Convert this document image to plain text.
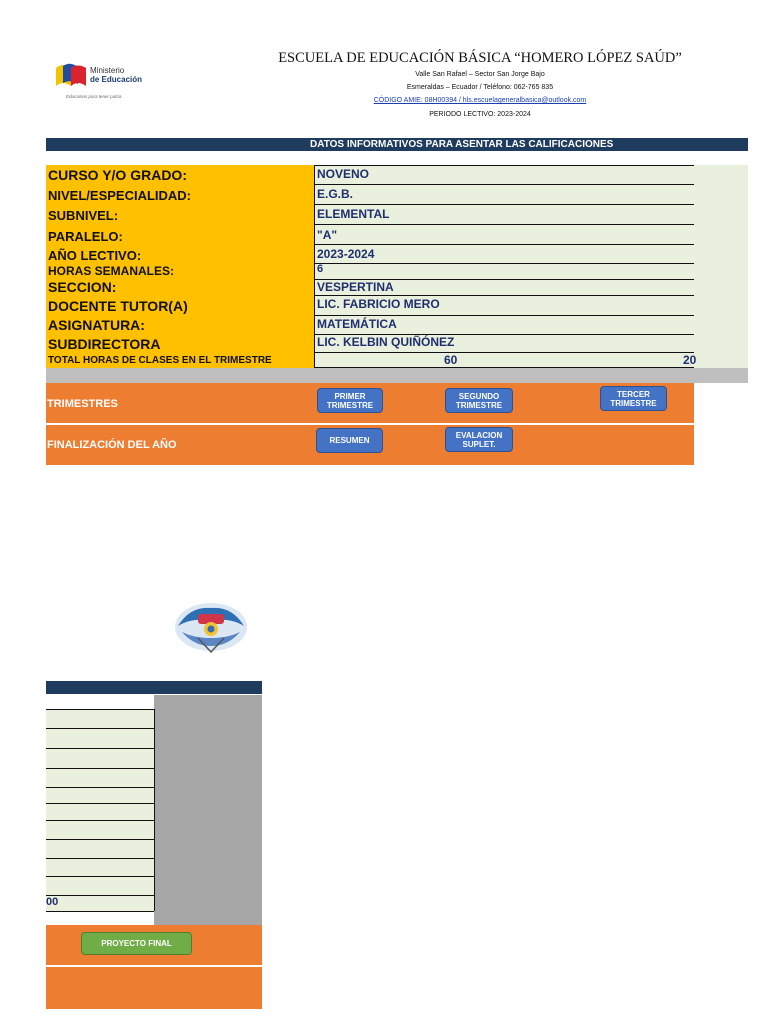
Ministerio
de Educación
Educamos para tener patria
ESCUELA DE EDUCACIÓN BÁSICA “HOMERO LÓPEZ SAÚD”
Valle San Rafael – Sector San Jorge Bajo
Esmeraldas – Ecuador / Teléfono: 062-765 835
CÓDIGO AMIE: 08H00394 / hls.escuelageneralbasica@outlook.com
PERIODO LECTIVO: 2023-2024
DATOS INFORMATIVOS PARA ASENTAR LAS CALIFICACIONES
CURSO Y/O GRADO:	NOVENO
NIVEL/ESPECIALIDAD:	E.G.B.
SUBNIVEL:	ELEMENTAL
PARALELO:	"A"
AÑO LECTIVO:	2023-2024
HORAS SEMANALES:	6
SECCION:	VESPERTINA
DOCENTE TUTOR(A)	LIC. FABRICIO MERO
ASIGNATURA:	MATEMÁTICA
SUBDIRECTORA	LIC. KELBIN QUIÑÓNEZ
TOTAL HORAS DE CLASES EN EL TRIMESTRE	60	20
TRIMESTRES
PRIMER TRIMESTRE
SEGUNDO TRIMESTRE
TERCER TRIMESTRE
FINALIZACIÓN DEL AÑO	RESUMEN
EVALACION SUPLET.
00
PROYECTO FINAL
